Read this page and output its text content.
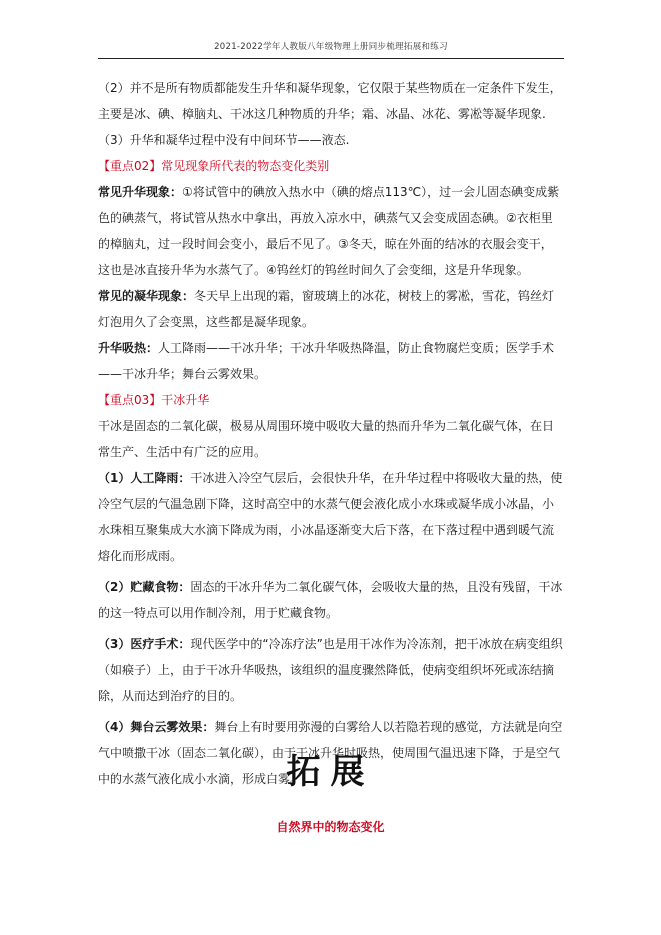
2021-2022学年人教版八年级物理上册同步梳理拓展和练习

（2）并不是所有物质都能发生升华和凝华现象，它仅限于某些物质在一定条件下发生，主要是冰、碘、樟脑丸、干冰这几种物质的升华；霜、冰晶、冰花、雾凇等凝华现象.

（3）升华和凝华过程中没有中间环节——液态.

【重点02】常见现象所代表的物态变化类别

常见升华现象：①将试管中的碘放入热水中（碘的熔点113℃），过一会儿固态碘变成紫色的碘蒸气，将试管从热水中拿出，再放入凉水中，碘蒸气又会变成固态碘。②衣柜里的樟脑丸，过一段时间会变小，最后不见了。③冬天，晾在外面的结冰的衣服会变干，这也是冰直接升华为水蒸气了。④钨丝灯的钨丝时间久了会变细，这是升华现象。

常见的凝华现象：冬天早上出现的霜，窗玻璃上的冰花，树枝上的雾凇，雪花，钨丝灯灯泡用久了会变黑，这些都是凝华现象。

升华吸热：人工降雨——干冰升华；干冰升华吸热降温，防止食物腐烂变质；医学手术——干冰升华；舞台云雾效果。

【重点03】干冰升华

干冰是固态的二氧化碳，极易从周围环境中吸收大量的热而升华为二氧化碳气体，在日常生产、生活中有广泛的应用。

（1）人工降雨：干冰进入冷空气层后，会很快升华，在升华过程中将吸收大量的热，使冷空气层的气温急剧下降，这时高空中的水蒸气便会液化成小水珠或凝华成小冰晶，小水珠相互聚集成大水滴下降成为雨，小冰晶逐渐变大后下落，在下落过程中遇到暖气流熔化而形成雨。

（2）贮藏食物：固态的干冰升华为二氧化碳气体，会吸收大量的热，且没有残留，干冰的这一特点可以用作制冷剂，用于贮藏食物。

（3）医疗手术：现代医学中的“冷冻疗法”也是用干冰作为冷冻剂，把干冰放在病变组织（如瘊子）上，由于干冰升华吸热，该组织的温度骤然降低，使病变组织坏死或冻结摘除，从而达到治疗的目的。

（4）舞台云雾效果：舞台上有时要用弥漫的白雾给人以若隐若现的感觉，方法就是向空气中喷撒干冰（固态二氧化碳），由于干冰升华时吸热，使周围气温迅速下降，于是空气中的水蒸气液化成小水滴，形成白雾。

拓展
自然界中的物态变化
